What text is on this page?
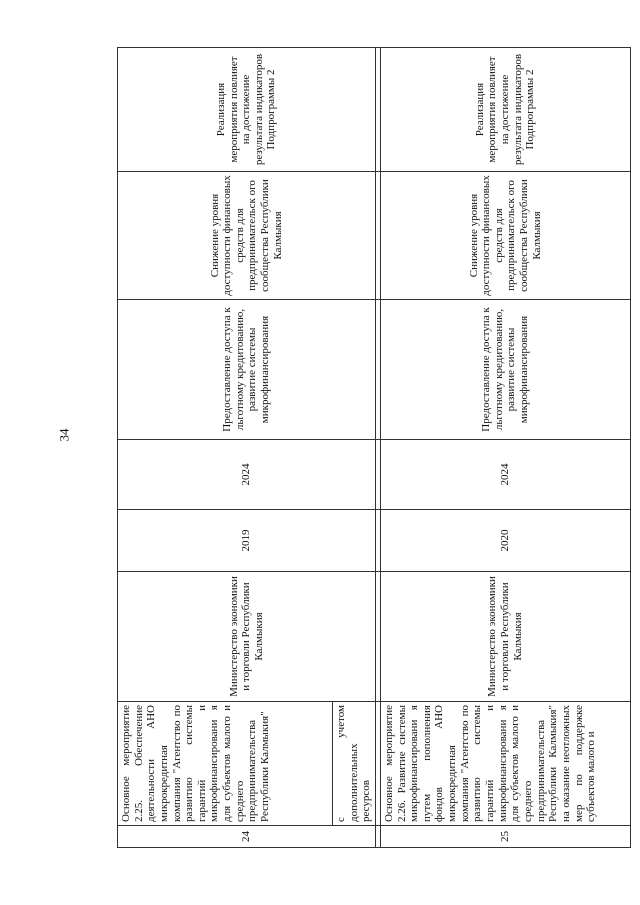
34
24	Основное мероприятие 2.25. Обеспечение деятельности АНО микрокредитная компания "Агентство по развитию системы гарантий и микрофинансировани я для субъектов малого и среднего предпринимательства Республики Калмыкия"	Министерство экономики и торговли Республики Калмыкия	2019	2024	Предоставление доступа к льготному кредитованию, развитие системы микрофинансирования	Снижение уровня доступности финансовых средств для предпринимательск ого сообщества Республики Калмыкия	Реализация мероприятия повлияет на достижение результата индикаторов Подпрограммы 2
	с учетом дополнительных ресурсов						

25	Основное мероприятие 2.26. Развитие системы микрофинансировани я путем пополнения фондов АНО микрокредитная компания "Агентство по развитию системы гарантий и микрофинансировани я для субъектов малого и среднего предпринимательства Республики Калмыкия" на оказание неотложных мер по поддержке субъектов малого и	Министерство экономики и торговли Республики Калмыкия	2020	2024	Предоставление доступа к льготному кредитованию, развитие системы микрофинансирования	Снижение уровня доступности финансовых средств для предпринимательск ого сообщества Республики Калмыкия	Реализация мероприятия повлияет на достижение результата индикаторов Подпрограммы 2
